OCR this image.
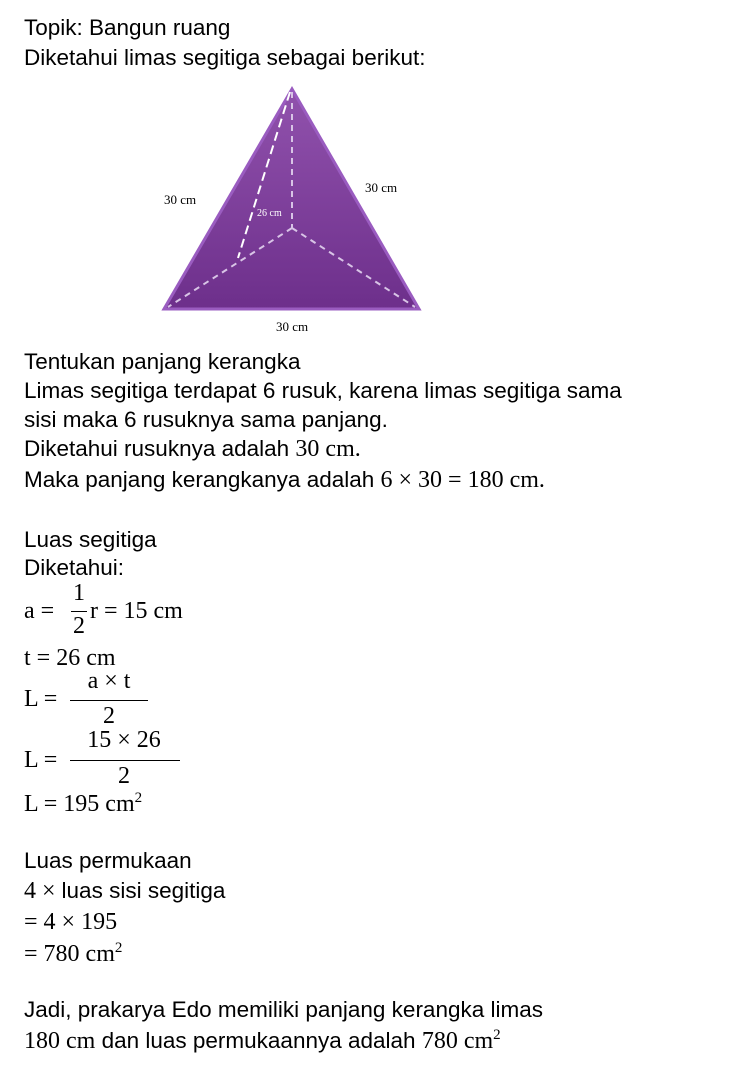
Topik: Bangun ruang
Diketahui limas segitiga sebagai berikut:
30 cm
30 cm
30 cm
26 cm
Tentukan panjang kerangka
Limas segitiga terdapat 6 rusuk, karena limas segitiga sama
sisi maka 6 rusuknya sama panjang.
Diketahui rusuknya adalah 30 cm.
Maka panjang kerangkanya adalah 6 × 30 = 180 cm.
Luas segitiga
Diketahui:
a =
1
2
r = 15 cm
t = 26 cm
L =
a × t
2
L =
15 × 26
2
L = 195 $cm^2$
Luas permukaan
4 × luas sisi segitiga
= 4 × 195
= 780 $cm^2$
Jadi, prakarya Edo memiliki panjang kerangka limas
180 cm dan luas permukaannya adalah 780 $cm^2$
